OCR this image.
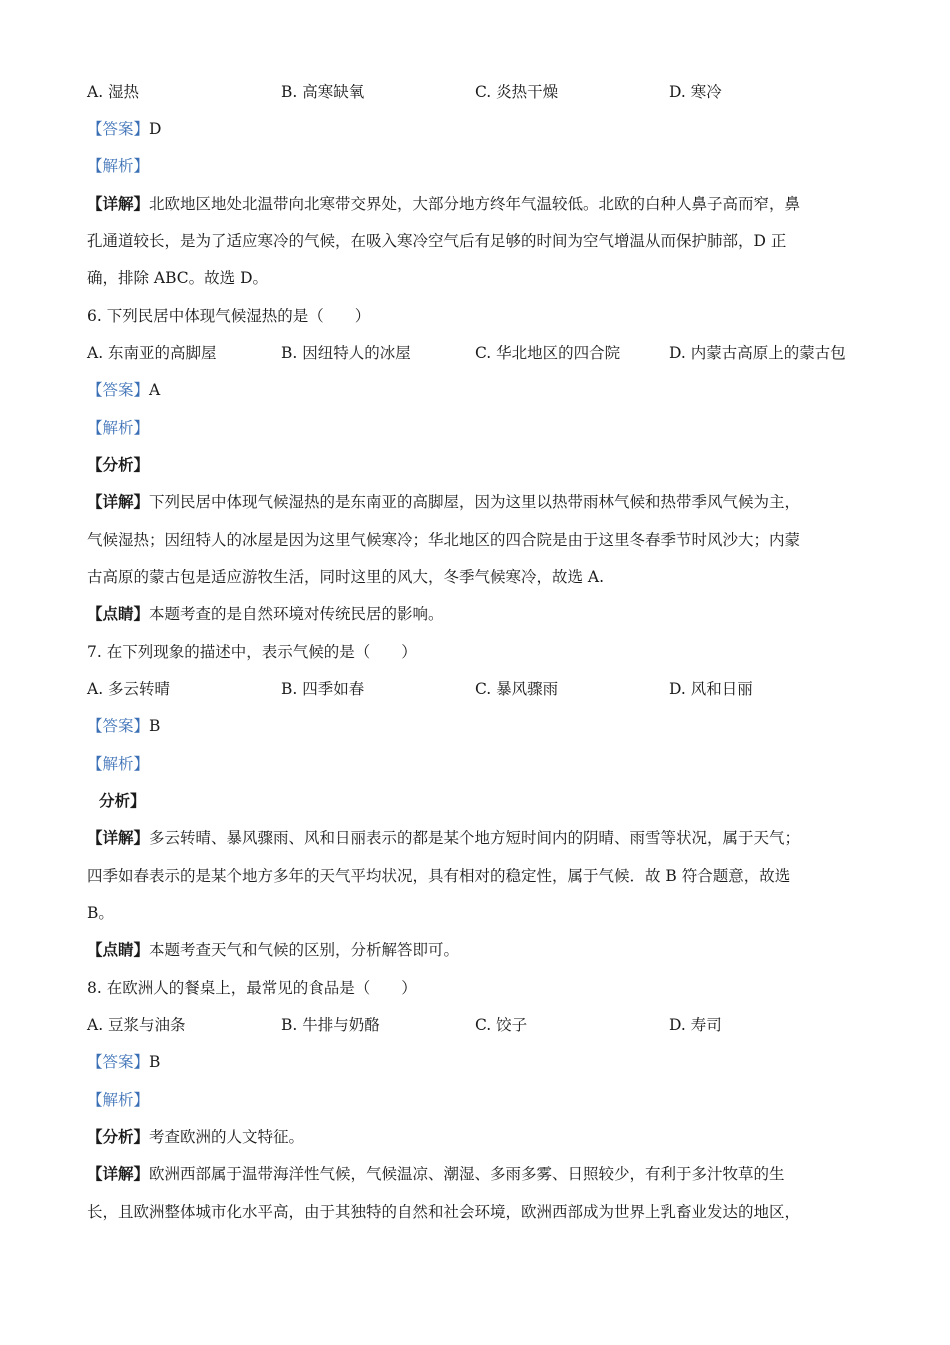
A. 湿热	B. 高寒缺氧	C. 炎热干燥	D. 寒冷
【答案】D
【解析】
【详解】北欧地区地处北温带向北寒带交界处，大部分地方终年气温较低。北欧的白种人鼻子高而窄，鼻
孔通道较长，是为了适应寒冷的气候，在吸入寒冷空气后有足够的时间为空气增温从而保护肺部，D 正
确，排除 ABC。故选 D。
6. 下列民居中体现气候湿热的是（　　）
A. 东南亚的高脚屋	B. 因纽特人的冰屋	C. 华北地区的四合院	D. 内蒙古高原上的蒙古包
【答案】A
【解析】
【分析】
【详解】下列民居中体现气候湿热的是东南亚的高脚屋，因为这里以热带雨林气候和热带季风气候为主，
气候湿热；因纽特人的冰屋是因为这里气候寒冷；华北地区的四合院是由于这里冬春季节时风沙大；内蒙
古高原的蒙古包是适应游牧生活，同时这里的风大，冬季气候寒冷，故选 A.
【点睛】本题考查的是自然环境对传统民居的影响。
7. 在下列现象的描述中，表示气候的是（　　）
A. 多云转晴	B. 四季如春	C. 暴风骤雨	D. 风和日丽
【答案】B
【解析】
分析】
【详解】多云转晴、暴风骤雨、风和日丽表示的都是某个地方短时间内的阴晴、雨雪等状况，属于天气；
四季如春表示的是某个地方多年的天气平均状况，具有相对的稳定性，属于气候．故 B 符合题意，故选
B。
【点睛】本题考查天气和气候的区别，分析解答即可。
8. 在欧洲人的餐桌上，最常见的食品是（　　）
A. 豆浆与油条	B. 牛排与奶酪	C. 饺子	D. 寿司
【答案】B
【解析】
【分析】考查欧洲的人文特征。
【详解】欧洲西部属于温带海洋性气候，气候温凉、潮湿、多雨多雾、日照较少，有利于多汁牧草的生
长，且欧洲整体城市化水平高，由于其独特的自然和社会环境，欧洲西部成为世界上乳畜业发达的地区，
